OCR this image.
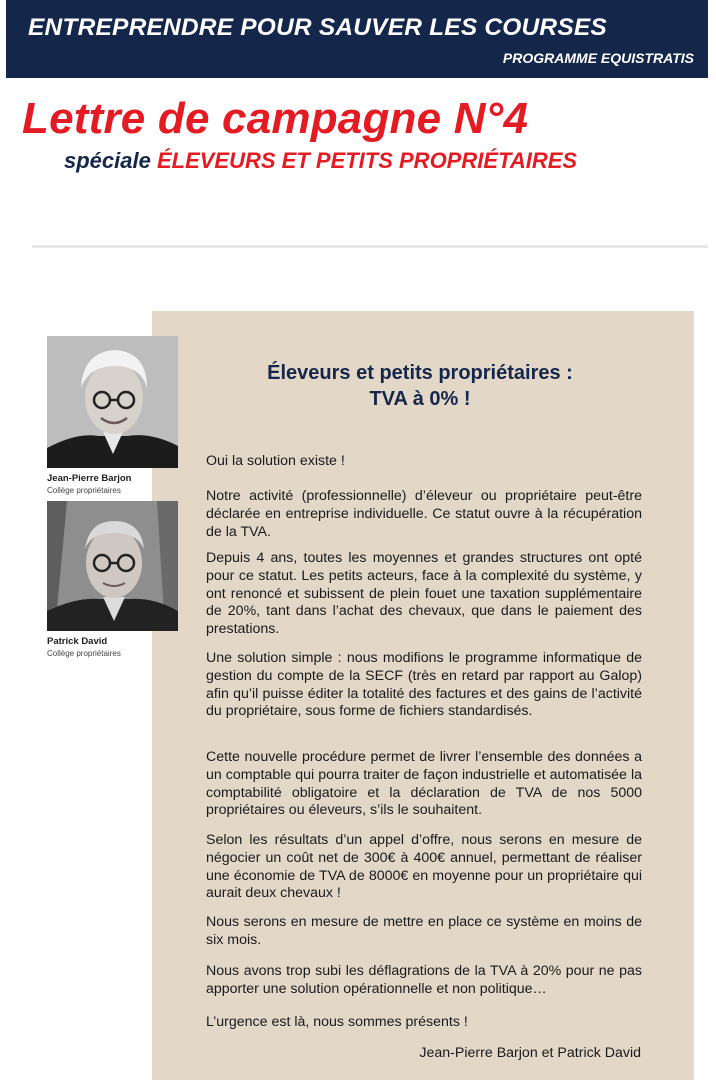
ENTREPRENDRE POUR SAUVER LES COURSES
PROGRAMME EQUISTRATIS
Lettre de campagne N°4
spéciale ÉLEVEURS ET PETITS PROPRIÉTAIRES
Jean-Pierre Barjon
Collège propriétaires
Patrick David
Collège propriétaires
Éleveurs et petits propriétaires :
TVA à 0% !
Oui la solution existe !
Notre activité (professionnelle) d’éleveur ou propriétaire peut-être déclarée en entreprise individuelle. Ce statut ouvre à la récupération de la TVA.
Depuis 4 ans, toutes les moyennes et grandes structures ont opté pour ce statut. Les petits acteurs, face à la complexité du système, y ont renoncé et subissent de plein fouet une taxation supplémentaire de 20%, tant dans l’achat des chevaux, que dans le paiement des prestations.
Une solution simple : nous modifions le programme informatique de gestion du compte de la SECF (très en retard par rapport au Galop) afin qu’il puisse éditer la totalité des factures et des gains de l’activité du propriétaire, sous forme de fichiers standardisés.
Cette nouvelle procédure permet de livrer l’ensemble des données a un comptable qui pourra traiter de façon industrielle et automatisée la comptabilité obligatoire et la déclaration de TVA de nos 5000 propriétaires ou éleveurs, s’ils le souhaitent.
Selon les résultats d’un appel d’offre, nous serons en mesure de négocier un coût net de 300€ à 400€ annuel, permettant de réaliser une économie de TVA de 8000€ en moyenne pour un propriétaire qui aurait deux chevaux !
Nous serons en mesure de mettre en place ce système en moins de six mois.
Nous avons trop subi les déflagrations de la TVA à 20% pour ne pas apporter une solution opérationnelle et non politique…
L’urgence est là, nous sommes présents !
Jean-Pierre Barjon et Patrick David
